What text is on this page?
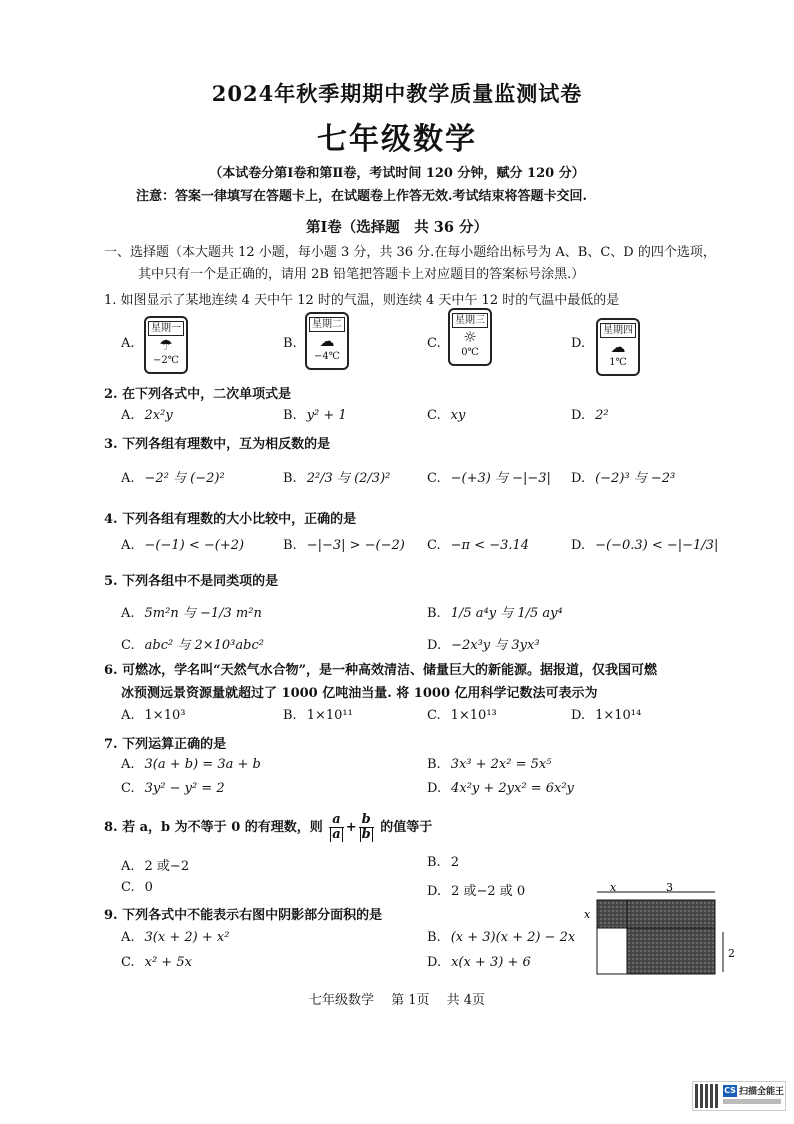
2024年秋季期期中教学质量监测试卷
七年级数学
（本试卷分第Ⅰ卷和第Ⅱ卷，考试时间 120 分钟，赋分 120 分）
注意：答案一律填写在答题卡上，在试题卷上作答无效.考试结束将答题卡交回.
第Ⅰ卷（选择题　共 36 分）
一、选择题（本大题共 12 小题，每小题 3 分，共 36 分.在每小题给出标号为 A、B、C、D 的四个选项，
其中只有一个是正确的，请用 2B 铅笔把答题卡上对应题目的答案标号涂黑.）
1. 如图显示了某地连续 4 天中午 12 时的气温，则连续 4 天中午 12 时的气温中最低的是
A.
星期一
☂
−2℃
B.
星期二
☁
−4℃
C.
星期三
☼
0℃
D.
星期四
☁
1℃
2. 在下列各式中，二次单项式是
A. 2x²y	B. y² + 1	C. xy	D. 2²
3. 下列各组有理数中，互为相反数的是
A. −2² 与 (−2)²	B. 2²/3 与 (2/3)²	C. −(+3) 与 −|−3| D. (−2)³ 与 −2³
4. 下列各组有理数的大小比较中，正确的是
A. −(−1) < −(+2)	B. −|−3| > −(−2) C. −π < −3.14	D. −(−0.3) < −|−1/3|
5. 下列各组中不是同类项的是
A. 5m²n 与 −1/3 m²n	B. 1/5 a⁴y 与 1/5 ay⁴
C. abc² 与 2×10³abc²	D. −2x³y 与 3yx³
6. 可燃冰，学名叫“天然气水合物”，是一种高效清洁、储量巨大的新能源。据报道，仅我国可燃
冰预测远景资源量就超过了 1000 亿吨油当量. 将 1000 亿用科学记数法可表示为
A. 1×10³	B. 1×10¹¹	C. 1×10¹³	D. 1×10¹⁴
7. 下列运算正确的是
A. 3(a + b) = 3a + b	B. 3x³ + 2x² = 5x⁵
C. 3y² − y² = 2	D. 4x²y + 2yx² = 6x²y
8. 若 a，b 为不等于 0 的有理数，则 $\frac{a}{a} + \frac{b}{b}$ 的值等于
A. 2 或−2	B. 2
C. 0	D. 2 或−2 或 0
9. 下列各式中不能表示右图中阴影部分面积的是
A. 3(x + 2) + x²	B. (x + 3)(x + 2) − 2x
C. x² + 5x	D. x(x + 3) + 6
x	3
x
2
七年级数学　 第 1页　 共 4页
CS 扫描全能王
